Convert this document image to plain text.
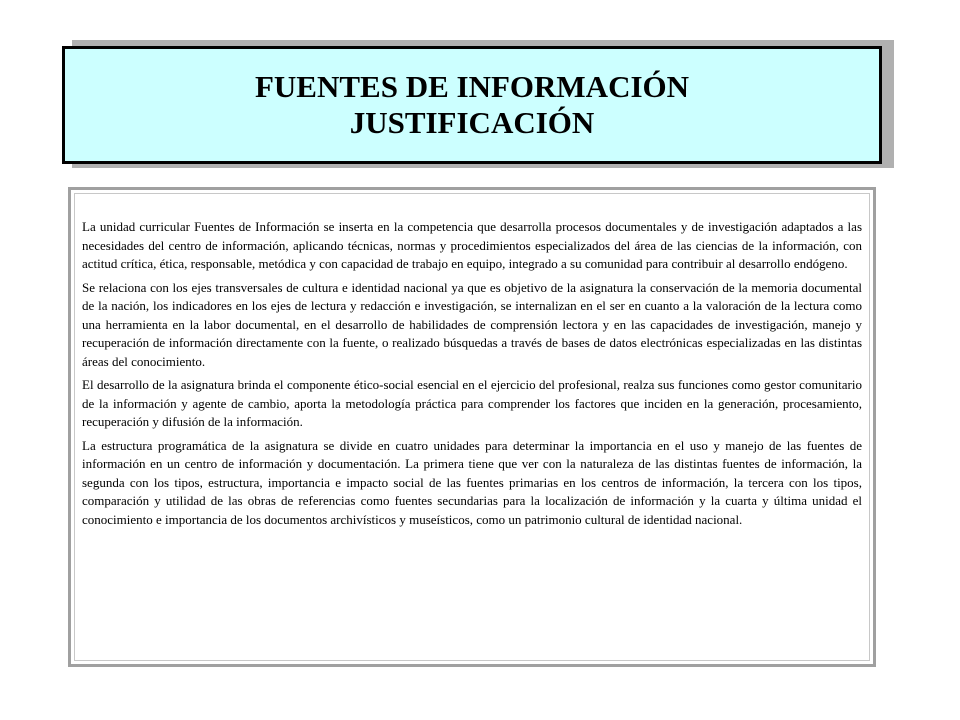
FUENTES DE INFORMACIÓN
JUSTIFICACIÓN

La unidad curricular Fuentes de Información se inserta en la competencia que desarrolla procesos documentales y de investigación adaptados a las necesidades del centro de información, aplicando técnicas, normas y procedimientos especializados del área de las ciencias de la información, con actitud crítica, ética, responsable, metódica y con capacidad de trabajo en equipo, integrado a su comunidad para contribuir al desarrollo endógeno.

Se relaciona con los ejes transversales de cultura e identidad nacional ya que es objetivo de la asignatura la conservación de la memoria documental de la nación, los indicadores en los ejes de lectura y redacción e investigación, se internalizan en el ser en cuanto a la valoración de la lectura como una herramienta en la labor documental, en el desarrollo de habilidades de comprensión lectora y en las capacidades de investigación, manejo y recuperación de información directamente con la fuente, o realizado búsquedas a través de bases de datos electrónicas especializadas en las distintas áreas del conocimiento.

El desarrollo de la asignatura brinda el componente ético-social esencial en el ejercicio del profesional, realza sus funciones como gestor comunitario de la información y agente de cambio, aporta la metodología práctica para comprender los factores que inciden en la generación, procesamiento, recuperación y difusión de la información.

La estructura programática de la asignatura se divide en cuatro unidades para determinar la importancia en el uso y manejo de las fuentes de información en un centro de información y documentación. La primera tiene que ver con la naturaleza de las distintas fuentes de información, la segunda con los tipos, estructura, importancia e impacto social de las fuentes primarias en los centros de información, la tercera con los tipos, comparación y utilidad de las obras de referencias como fuentes secundarias para la localización de información y la cuarta y última unidad el conocimiento e importancia de los documentos archivísticos y museísticos, como un patrimonio cultural de identidad nacional.
